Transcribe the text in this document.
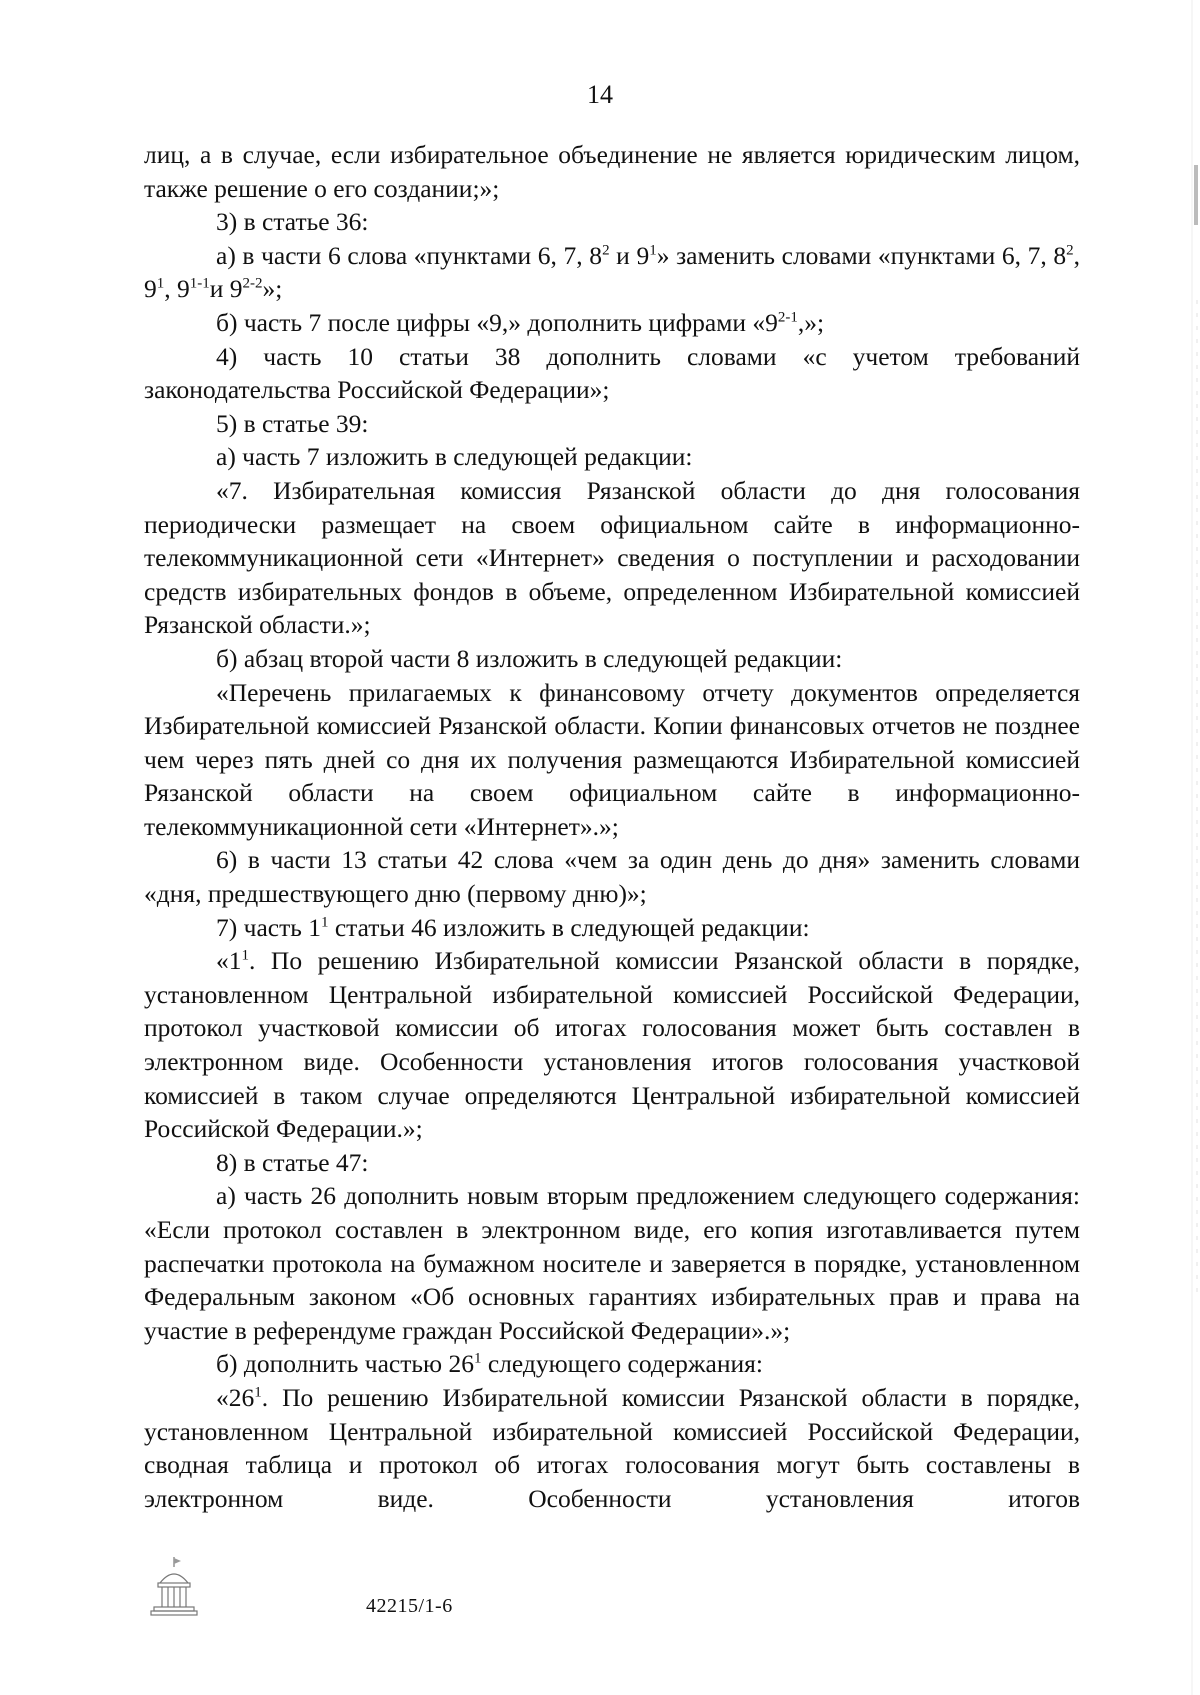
14

лиц, а в случае, если избирательное объединение не является юридическим лицом, также решение о его создании;»;

3) в статье 36:

а) в части 6 слова «пунктами 6, 7, $8^2$ и $9^1$» заменить словами «пунктами 6, 7, $8^2$, $9^1$, 9$^{1-1}$и 9$^{2-2}$»;

б) часть 7 после цифры «9,» дополнить цифрами «9$^{2-1}$,»;

4) часть 10 статьи 38 дополнить словами «с учетом требований законодательства Российской Федерации»;

5) в статье 39:

а) часть 7 изложить в следующей редакции:

«7. Избирательная комиссия Рязанской области до дня голосования периодически размещает на своем официальном сайте в информационно-телекоммуникационной сети «Интернет» сведения о поступлении и расходовании средств избирательных фондов в объеме, определенном Избирательной комиссией Рязанской области.»;

б) абзац второй части 8 изложить в следующей редакции:

«Перечень прилагаемых к финансовому отчету документов определяется Избирательной комиссией Рязанской области. Копии финансовых отчетов не позднее чем через пять дней со дня их получения размещаются Избирательной комиссией Рязанской области на своем официальном сайте в информационно-телекоммуникационной сети «Интернет».»;

6) в части 13 статьи 42 слова «чем за один день до дня» заменить словами «дня, предшествующего дню (первому дню)»;

7) часть $1^1$ статьи 46 изложить в следующей редакции:

«$1^1$. По решению Избирательной комиссии Рязанской области в порядке, установленном Центральной избирательной комиссией Российской Федерации, протокол участковой комиссии об итогах голосования может быть составлен в электронном виде. Особенности установления итогов голосования участковой комиссией в таком случае определяются Центральной избирательной комиссией Российской Федерации.»;

8) в статье 47:

а) часть 26 дополнить новым вторым предложением следующего содержания: «Если протокол составлен в электронном виде, его копия изготавливается путем распечатки протокола на бумажном носителе и заверяется в порядке, установленном Федеральным законом «Об основных гарантиях избирательных прав и права на участие в референдуме граждан Российской Федерации».»;

б) дополнить частью $26^1$ следующего содержания:

«$26^1$. По решению Избирательной комиссии Рязанской области в порядке, установленном Центральной избирательной комиссией Российской Федерации, сводная таблица и протокол об итогах голосования могут быть составлены в электронном виде. Особенности установления итогов

42215/1-6
